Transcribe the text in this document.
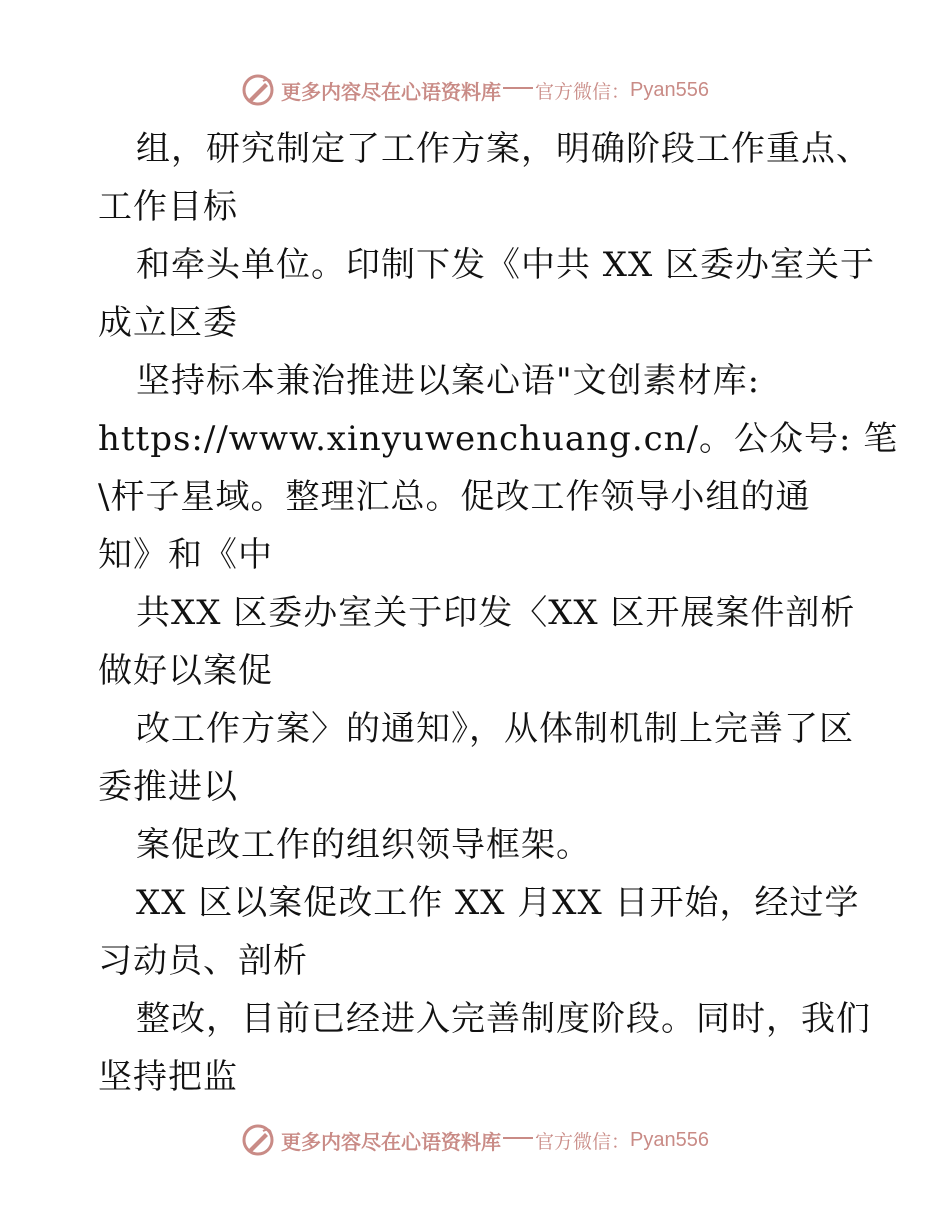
更多内容尽在心语资料库 官方微信： Pyan556
组，研究制定了工作方案，明确阶段工作重点、
工作目标
和牵头单位。印制下发《中共 XX 区委办室关于
成立区委
坚持标本兼治推进以案心语"文创素材库:
https://www.xinyuwenchuang.cn/。公众号: 笔
\杆子星域。整理汇总。促改工作领导小组的通
知》和《中
共XX 区委办室关于印发〈XX 区开展案件剖析
做好以案促
改工作方案〉的通知》，从体制机制上完善了区
委推进以
案促改工作的组织领导框架。
XX 区以案促改工作 XX 月XX 日开始，经过学
习动员、剖析
整改，目前已经进入完善制度阶段。同时，我们
坚持把监
更多内容尽在心语资料库 官方微信： Pyan556
